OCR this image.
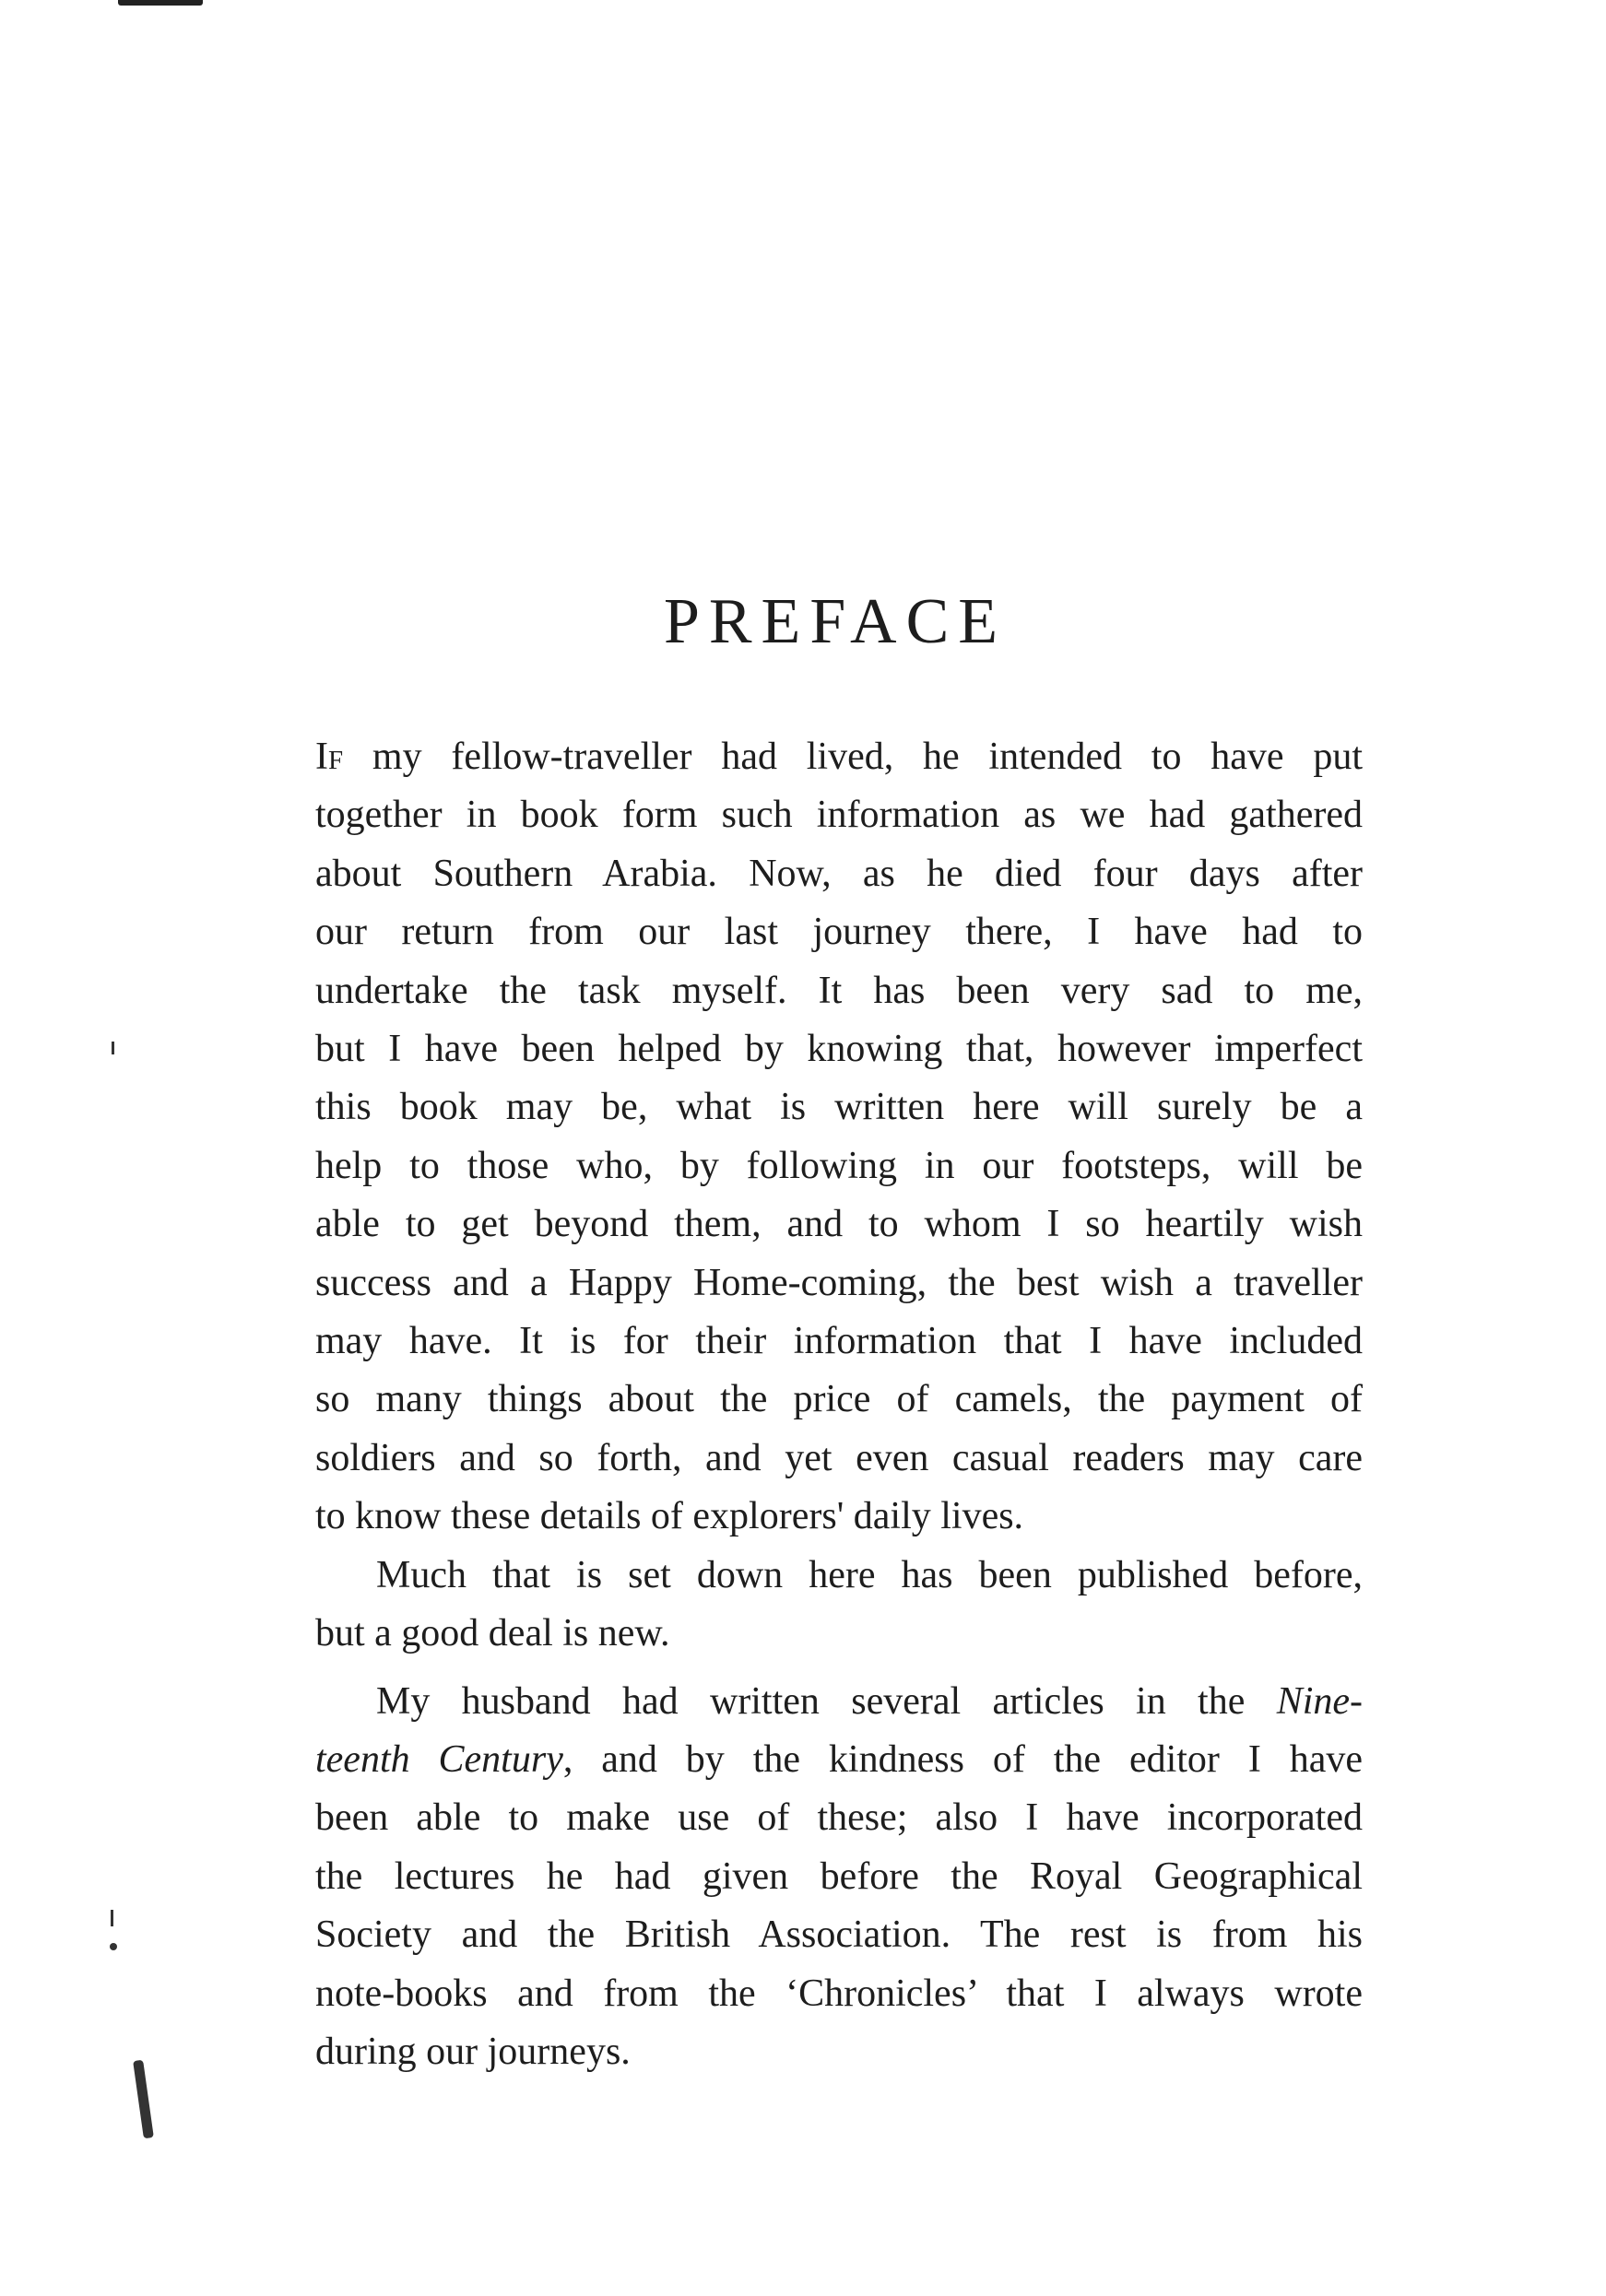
PREFACE
If my fellow-traveller had lived, he intended to have put
together in book form such information as we had gathered
about Southern Arabia. Now, as he died four days after
our return from our last journey there, I have had to
undertake the task myself. It has been very sad to me,
but I have been helped by knowing that, however imperfect
this book may be, what is written here will surely be a
help to those who, by following in our footsteps, will be
able to get beyond them, and to whom I so heartily wish
success and a Happy Home-coming, the best wish a traveller
may have. It is for their information that I have included
so many things about the price of camels, the payment of
soldiers and so forth, and yet even casual readers may care
to know these details of explorers' daily lives.
Much that is set down here has been published before,
but a good deal is new.
My husband had written several articles in the Nine-
teenth Century, and by the kindness of the editor I have
been able to make use of these; also I have incorporated
the lectures he had given before the Royal Geographical
Society and the British Association. The rest is from his
note-books and from the ‘Chronicles’ that I always wrote
during our journeys.
